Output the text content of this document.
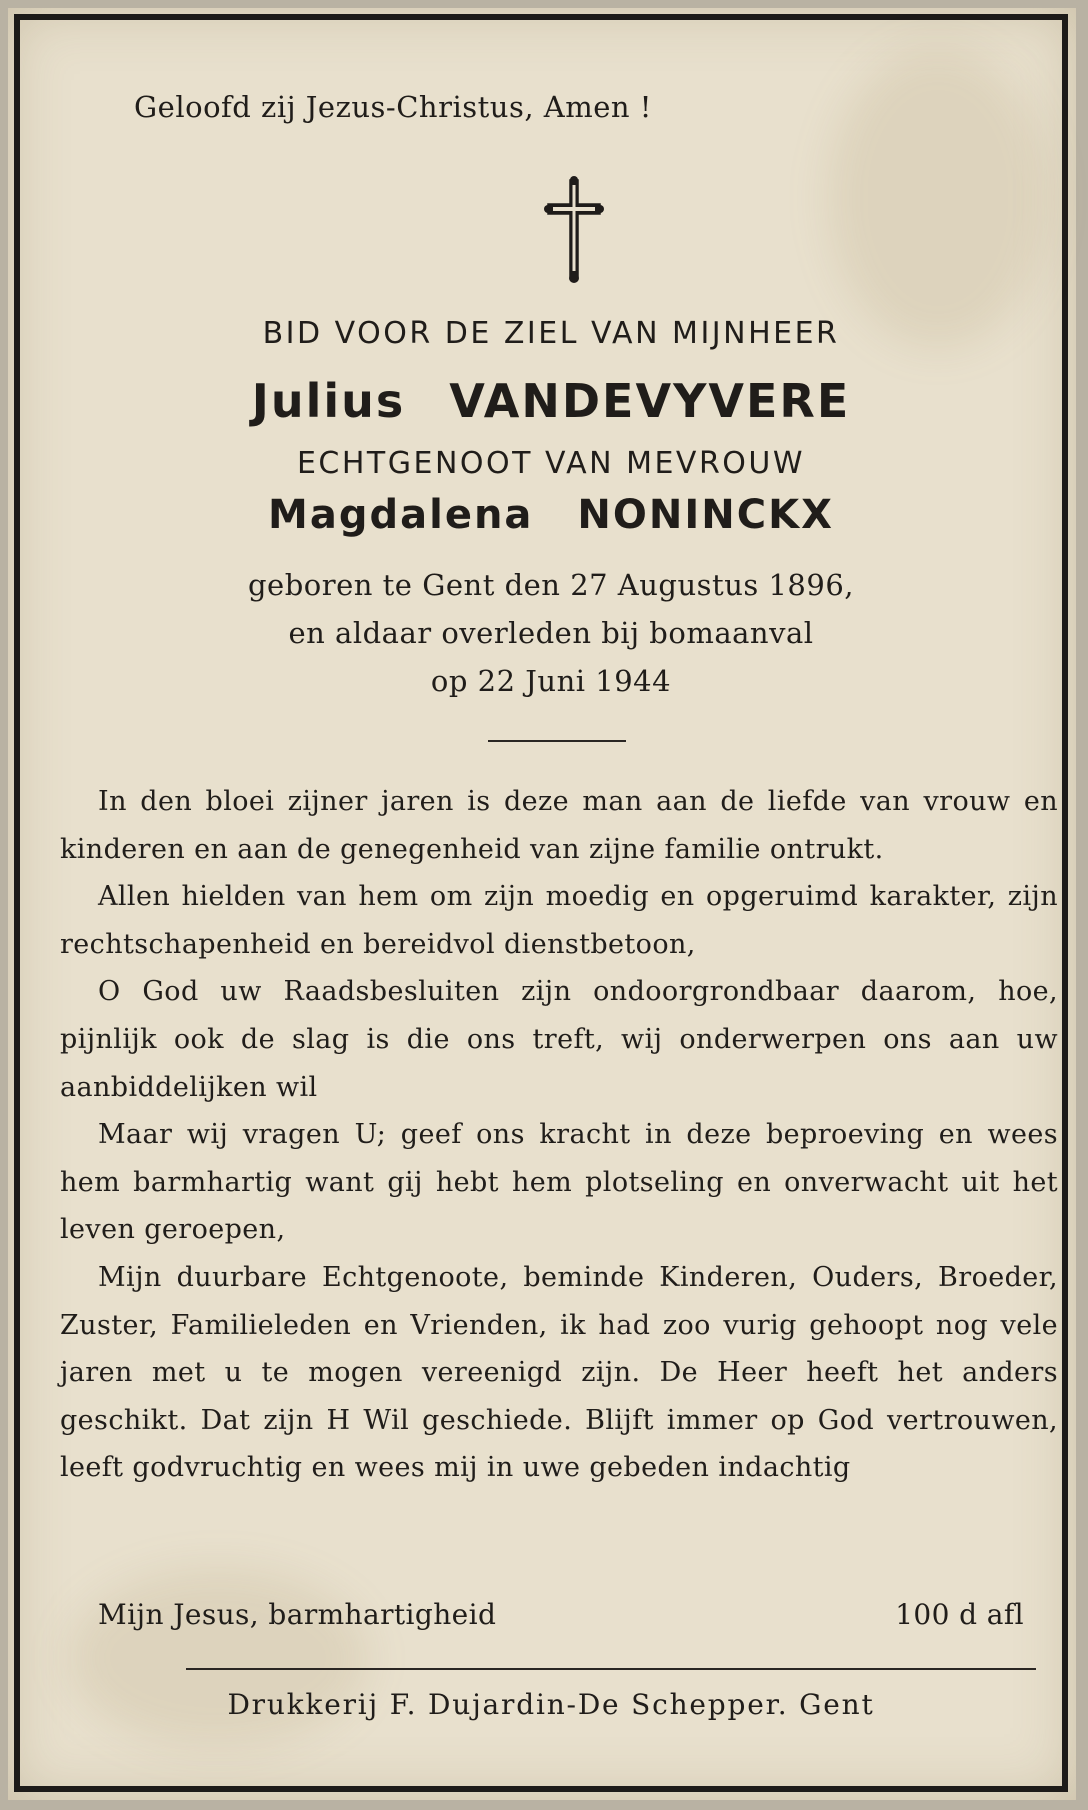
Geloofd zij Jezus-Christus, Amen !
BID VOOR DE ZIEL VAN MIJNHEER
Julius VANDEVYVERE
ECHTGENOOT VAN MEVROUW
Magdalena NONINCKX
geboren te Gent den 27 Augustus 1896,
en aldaar overleden bij bomaanval
op 22 Juni 1944

In den bloei zijner jaren is deze man aan de liefde van vrouw en kinderen en aan de genegenheid van zijne familie ontrukt.

Allen hielden van hem om zijn moedig en opgeruimd karakter, zijn rechtschapenheid en bereidvol dienstbetoon,

O God uw Raadsbesluiten zijn ondoorgrondbaar daarom, hoe, pijnlijk ook de slag is die ons treft, wij onderwerpen ons aan uw aanbiddelijken wil

Maar wij vragen U; geef ons kracht in deze beproeving en wees hem barmhartig want gij hebt hem plotseling en onverwacht uit het leven geroepen,

Mijn duurbare Echtgenoote, beminde Kinderen, Ouders, Broeder, Zuster, Familieleden en Vrienden, ik had zoo vurig gehoopt nog vele jaren met u te mogen vereenigd zijn. De Heer heeft het anders geschikt. Dat zijn H Wil geschiede. Blijft immer op God vertrouwen, leeft godvruchtig en wees mij in uwe gebeden indachtig

Mijn Jesus, barmhartigheid	100 d afl
Drukkerij F. Dujardin-De Schepper. Gent
